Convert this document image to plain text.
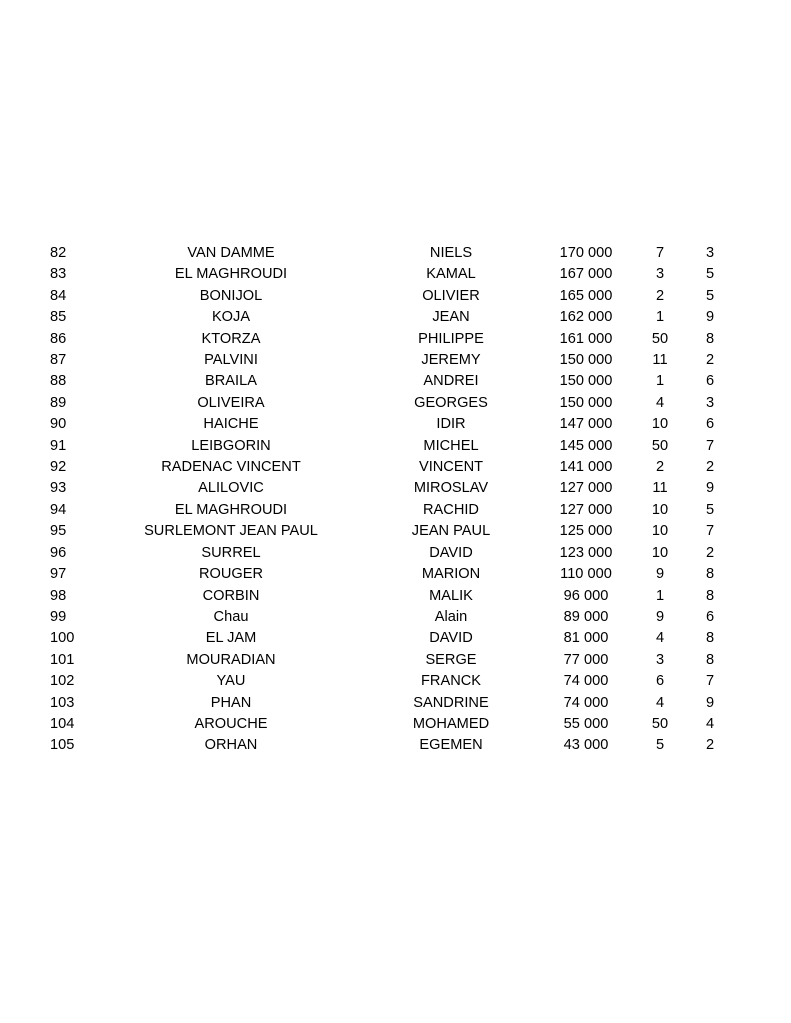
82	VAN DAMME	NIELS	170 000	7	3
83	EL MAGHROUDI	KAMAL	167 000	3	5
84	BONIJOL	OLIVIER	165 000	2	5
85	KOJA	JEAN	162 000	1	9
86	KTORZA	PHILIPPE	161 000	50	8
87	PALVINI	JEREMY	150 000	11	2
88	BRAILA	ANDREI	150 000	1	6
89	OLIVEIRA	GEORGES	150 000	4	3
90	HAICHE	IDIR	147 000	10	6
91	LEIBGORIN	MICHEL	145 000	50	7
92	RADENAC VINCENT	VINCENT	141 000	2	2
93	ALILOVIC	MIROSLAV	127 000	11	9
94	EL MAGHROUDI	RACHID	127 000	10	5
95	SURLEMONT JEAN PAUL	JEAN PAUL	125 000	10	7
96	SURREL	DAVID	123 000	10	2
97	ROUGER	MARION	110 000	9	8
98	CORBIN	MALIK	96 000	1	8
99	Chau	Alain	89 000	9	6
100	EL JAM	DAVID	81 000	4	8
101	MOURADIAN	SERGE	77 000	3	8
102	YAU	FRANCK	74 000	6	7
103	PHAN	SANDRINE	74 000	4	9
104	AROUCHE	MOHAMED	55 000	50	4
105	ORHAN	EGEMEN	43 000	5	2
